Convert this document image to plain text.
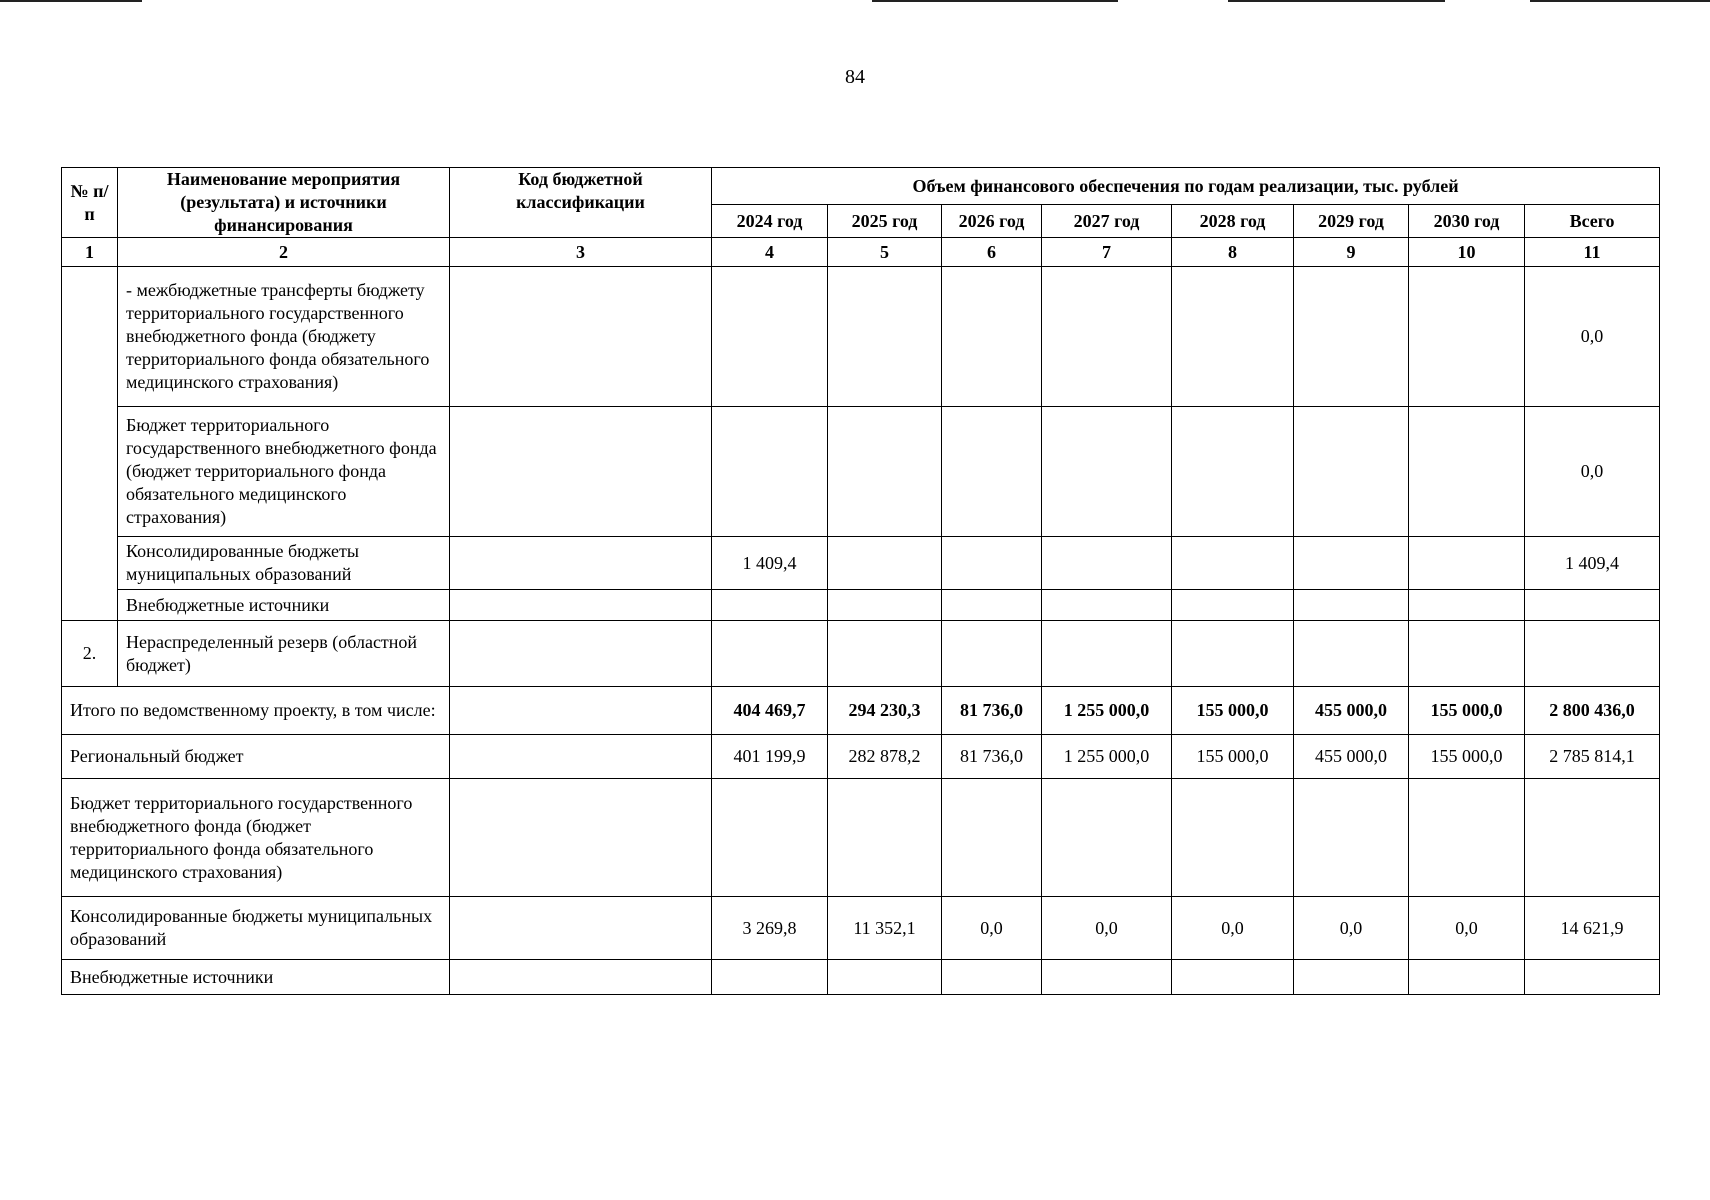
84
№ п/п	Наименование мероприятия (результата) и источники финансирования	Код бюджетной классификации	Объем финансового обеспечения по годам реализации, тыс. рублей							
			2024 год	2025 год	2026 год	2027 год	2028 год	2029 год	2030 год	Всего
1	2	3	4	5	6	7	8	9	10	11
	- межбюджетные трансферты бюджету территориального государственного внебюджетного фонда (бюджету территориального фонда обязательного медицинского страхования)									0,0
	Бюджет территориального государственного внебюджетного фонда (бюджет территориального фонда обязательного медицинского страхования)									0,0
	Консолидированные бюджеты муниципальных образований		1 409,4							1 409,4
	Внебюджетные источники									
2.	Нераспределенный резерв (областной бюджет)									
Итого по ведомственному проекту, в том числе:			404 469,7	294 230,3	81 736,0	1 255 000,0	155 000,0	455 000,0	155 000,0	2 800 436,0
Региональный бюджет			401 199,9	282 878,2	81 736,0	1 255 000,0	155 000,0	455 000,0	155 000,0	2 785 814,1
Бюджет территориального государственного внебюджетного фонда (бюджет территориального фонда обязательного медицинского страхования)										
Консолидированные бюджеты муниципальных образований			3 269,8	11 352,1	0,0	0,0	0,0	0,0	0,0	14 621,9
Внебюджетные источники										
